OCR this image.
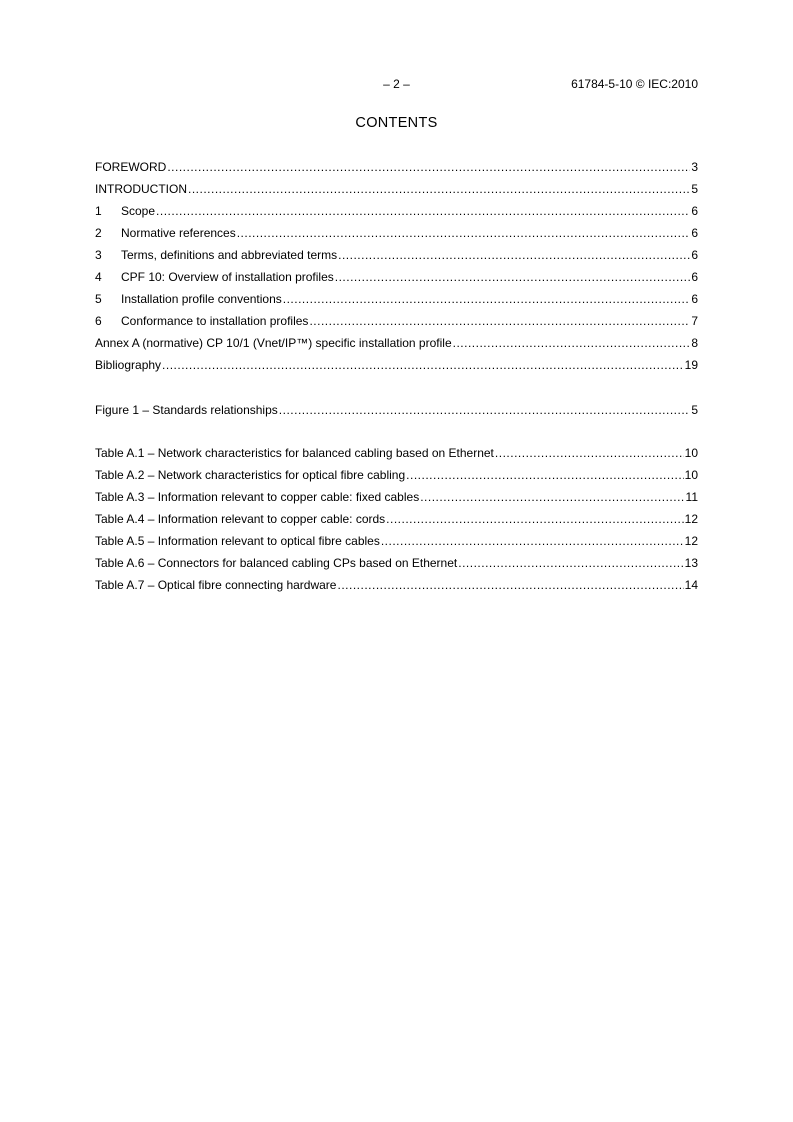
– 2 –	61784-5-10 © IEC:2010
CONTENTS
FOREWORD .....	3
INTRODUCTION .....	5
1	Scope .....	6
2	Normative references .....	6
3	Terms, definitions and abbreviated terms .....	6
4	CPF 10: Overview of installation profiles .....	6
5	Installation profile conventions .....	6
6	Conformance to installation profiles .....	7
Annex A (normative) CP 10/1 (Vnet/IP™) specific installation profile .....	8
Bibliography .....	19
Figure 1 – Standards relationships .....	5
Table A.1 – Network characteristics for balanced cabling based on Ethernet .....	10
Table A.2 – Network characteristics for optical fibre cabling .....	10
Table A.3 – Information relevant to copper cable: fixed cables .....	11
Table A.4 – Information relevant to copper cable: cords .....	12
Table A.5 – Information relevant to optical fibre cables .....	12
Table A.6 – Connectors for balanced cabling CPs based on Ethernet .....	13
Table A.7 – Optical fibre connecting hardware .....	14
